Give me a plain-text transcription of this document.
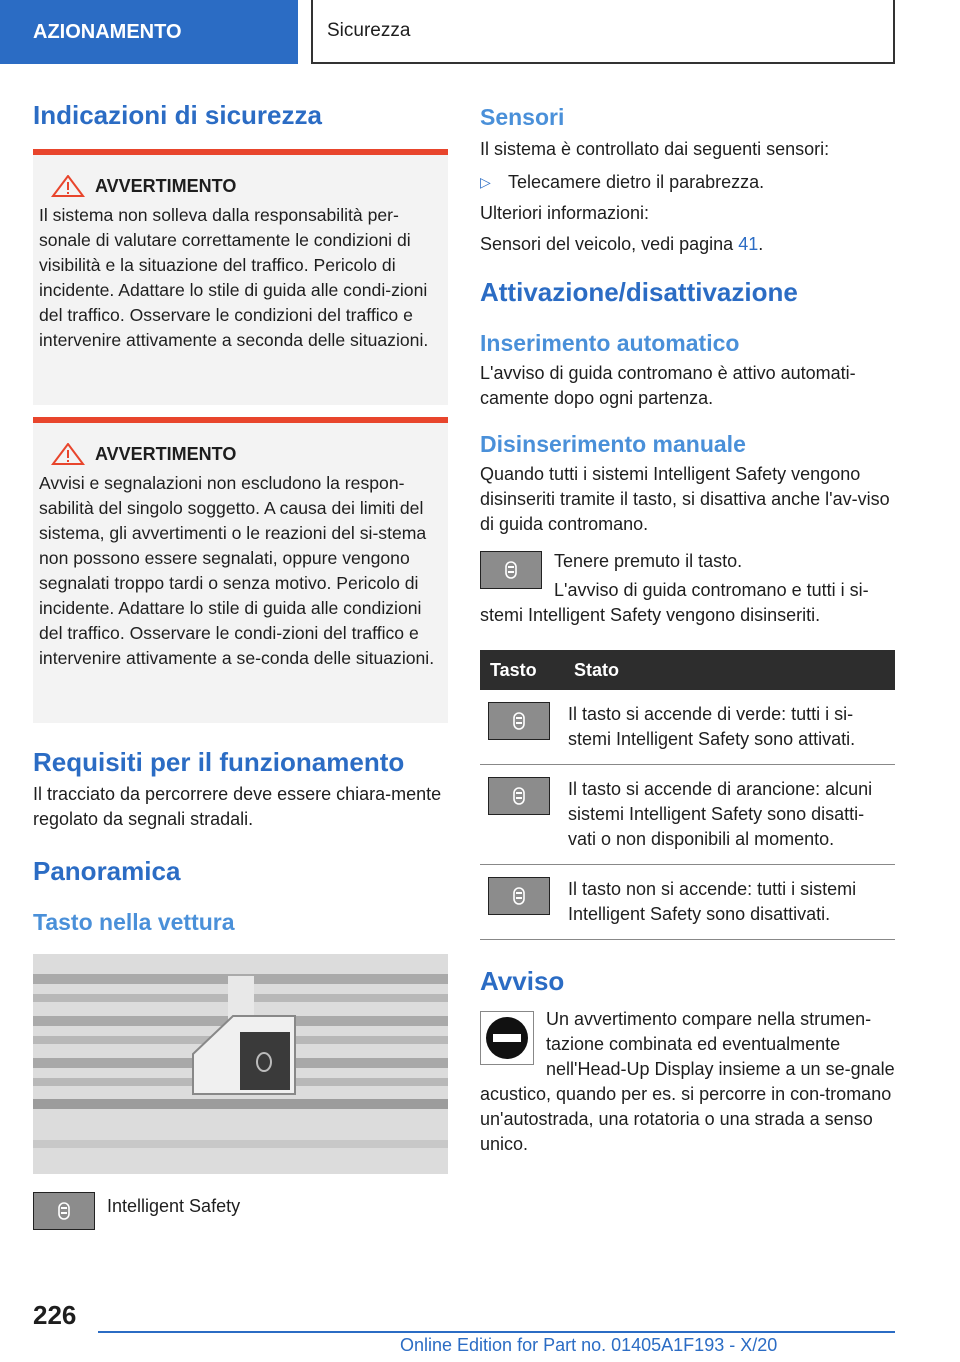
AZIONAMENTO	Sicurezza
Indicazioni di sicurezza
AVVERTIMENTO

Il sistema non solleva dalla responsabilità per-sonale di valutare correttamente le condizioni di visibilità e la situazione del traffico. Pericolo di incidente. Adattare lo stile di guida alle condi-zioni del traffico. Osservare le condizioni del traffico e intervenire attivamente a seconda delle situazioni.

AVVERTIMENTO

Avvisi e segnalazioni non escludono la respon-sabilità del singolo soggetto. A causa dei limiti del sistema, gli avvertimenti o le reazioni del si-stema non possono essere segnalati, oppure vengono segnalati troppo tardi o senza motivo. Pericolo di incidente. Adattare lo stile di guida alle condizioni del traffico. Osservare le condi-zioni del traffico e intervenire attivamente a se-conda delle situazioni.

Requisiti per il funzionamento

Il tracciato da percorrere deve essere chiara-mente regolato da segnali stradali.

Panoramica
Tasto nella vettura
Intelligent Safety
Sensori

Il sistema è controllato dai seguenti sensori:

▷ Telecamere dietro il parabrezza.

Ulteriori informazioni:

Sensori del veicolo, vedi pagina 41.

Attivazione/disattivazione
Inserimento automatico

L'avviso di guida contromano è attivo automati-camente dopo ogni partenza.

Disinserimento manuale

Quando tutti i sistemi Intelligent Safety vengono disinseriti tramite il tasto, si disattiva anche l'av-viso di guida contromano.

Tenere premuto il tasto.

L'avviso di guida contromano e tutti i si-stemi Intelligent Safety vengono disinseriti.

Tasto	Stato

	Il tasto si accende di verde: tutti i si-stemi Intelligent Safety sono attivati.

	Il tasto si accende di arancione: alcuni sistemi Intelligent Safety sono disatti-vati o non disponibili al momento.

	Il tasto non si accende: tutti i sistemi Intelligent Safety sono disattivati.
Avviso

Un avvertimento compare nella strumen-tazione combinata ed eventualmente nell'Head-Up Display insieme a un se-gnale acustico, quando per es. si percorre in con-tromano un'autostrada, una rotatoria o una strada a senso unico.

226
Online Edition for Part no. 01405A1F193 - X/20
